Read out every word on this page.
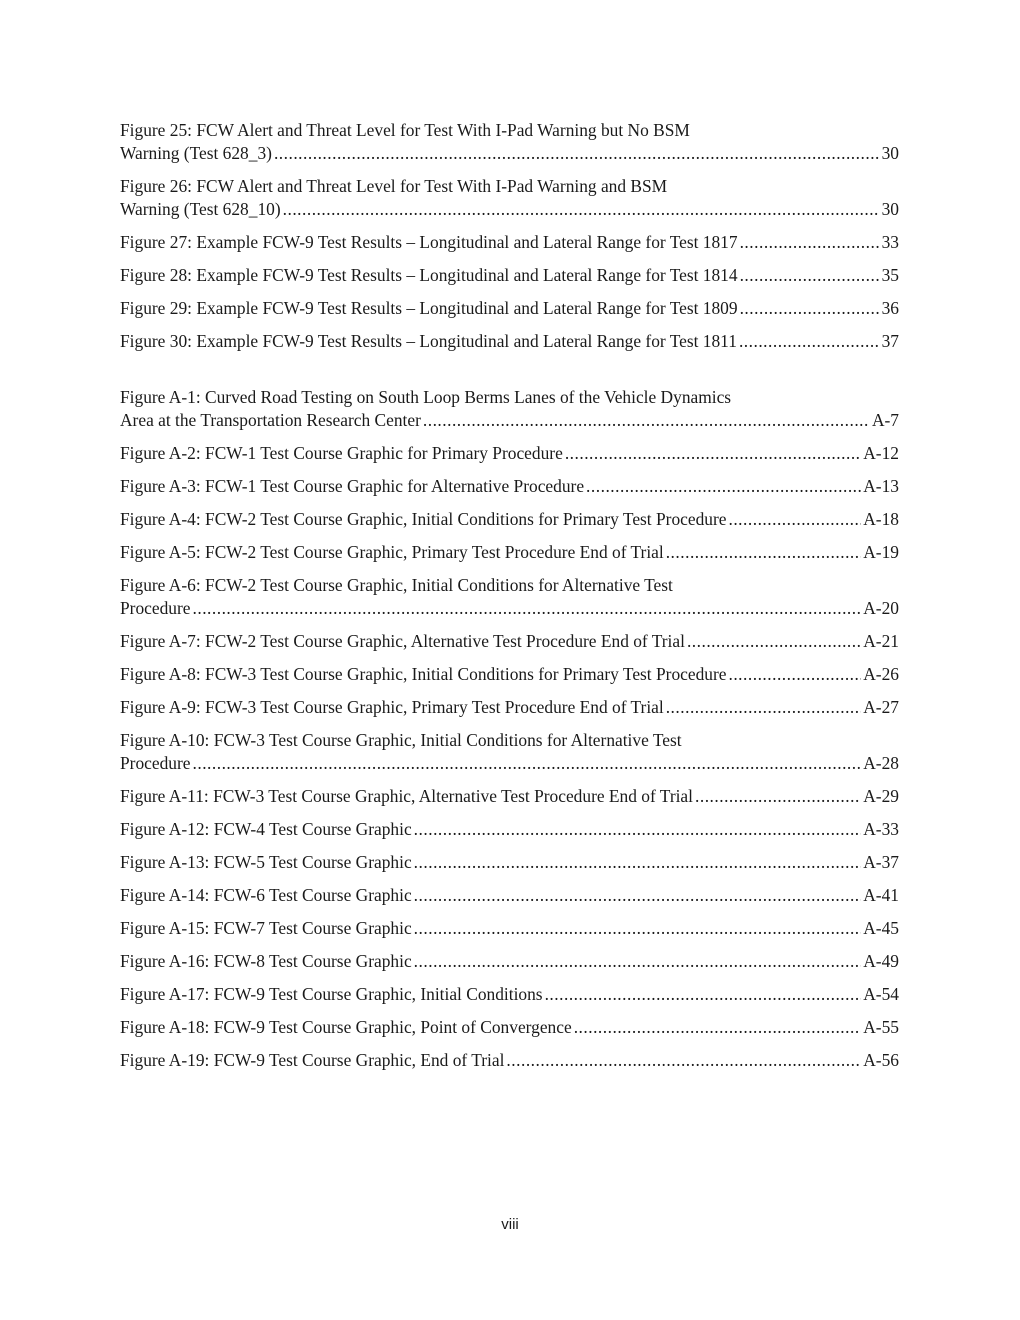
Figure 25: FCW Alert and Threat Level for Test With I-Pad Warning but No BSM
Warning (Test 628_3) .....	30
Figure 26: FCW Alert and Threat Level for Test With I-Pad Warning and BSM
Warning (Test 628_10) .....	30
Figure 27: Example FCW-9 Test Results – Longitudinal and Lateral Range for Test 1817 .....	33
Figure 28: Example FCW-9 Test Results – Longitudinal and Lateral Range for Test 1814 .....	35
Figure 29: Example FCW-9 Test Results – Longitudinal and Lateral Range for Test 1809 .....	36
Figure 30: Example FCW-9 Test Results – Longitudinal and Lateral Range for Test 1811 .....	37
Figure A-1: Curved Road Testing on South Loop Berms Lanes of the Vehicle Dynamics
Area at the Transportation Research Center .....	A-7
Figure A-2: FCW-1 Test Course Graphic for Primary Procedure .....	A-12
Figure A-3: FCW-1 Test Course Graphic for Alternative Procedure .....	A-13
Figure A-4: FCW-2 Test Course Graphic, Initial Conditions for Primary Test Procedure .....	A-18
Figure A-5: FCW-2 Test Course Graphic, Primary Test Procedure End of Trial .....	A-19
Figure A-6: FCW-2 Test Course Graphic, Initial Conditions for Alternative Test
Procedure .....	A-20
Figure A-7: FCW-2 Test Course Graphic, Alternative Test Procedure End of Trial .....	A-21
Figure A-8: FCW-3 Test Course Graphic, Initial Conditions for Primary Test Procedure .....	A-26
Figure A-9: FCW-3 Test Course Graphic, Primary Test Procedure End of Trial .....	A-27
Figure A-10: FCW-3 Test Course Graphic, Initial Conditions for Alternative Test
Procedure .....	A-28
Figure A-11: FCW-3 Test Course Graphic, Alternative Test Procedure End of Trial .....	A-29
Figure A-12: FCW-4 Test Course Graphic .....	A-33
Figure A-13: FCW-5 Test Course Graphic .....	A-37
Figure A-14: FCW-6 Test Course Graphic .....	A-41
Figure A-15: FCW-7 Test Course Graphic .....	A-45
Figure A-16: FCW-8 Test Course Graphic .....	A-49
Figure A-17: FCW-9 Test Course Graphic, Initial Conditions .....	A-54
Figure A-18: FCW-9 Test Course Graphic, Point of Convergence .....	A-55
Figure A-19: FCW-9 Test Course Graphic, End of Trial .....	A-56
viii
